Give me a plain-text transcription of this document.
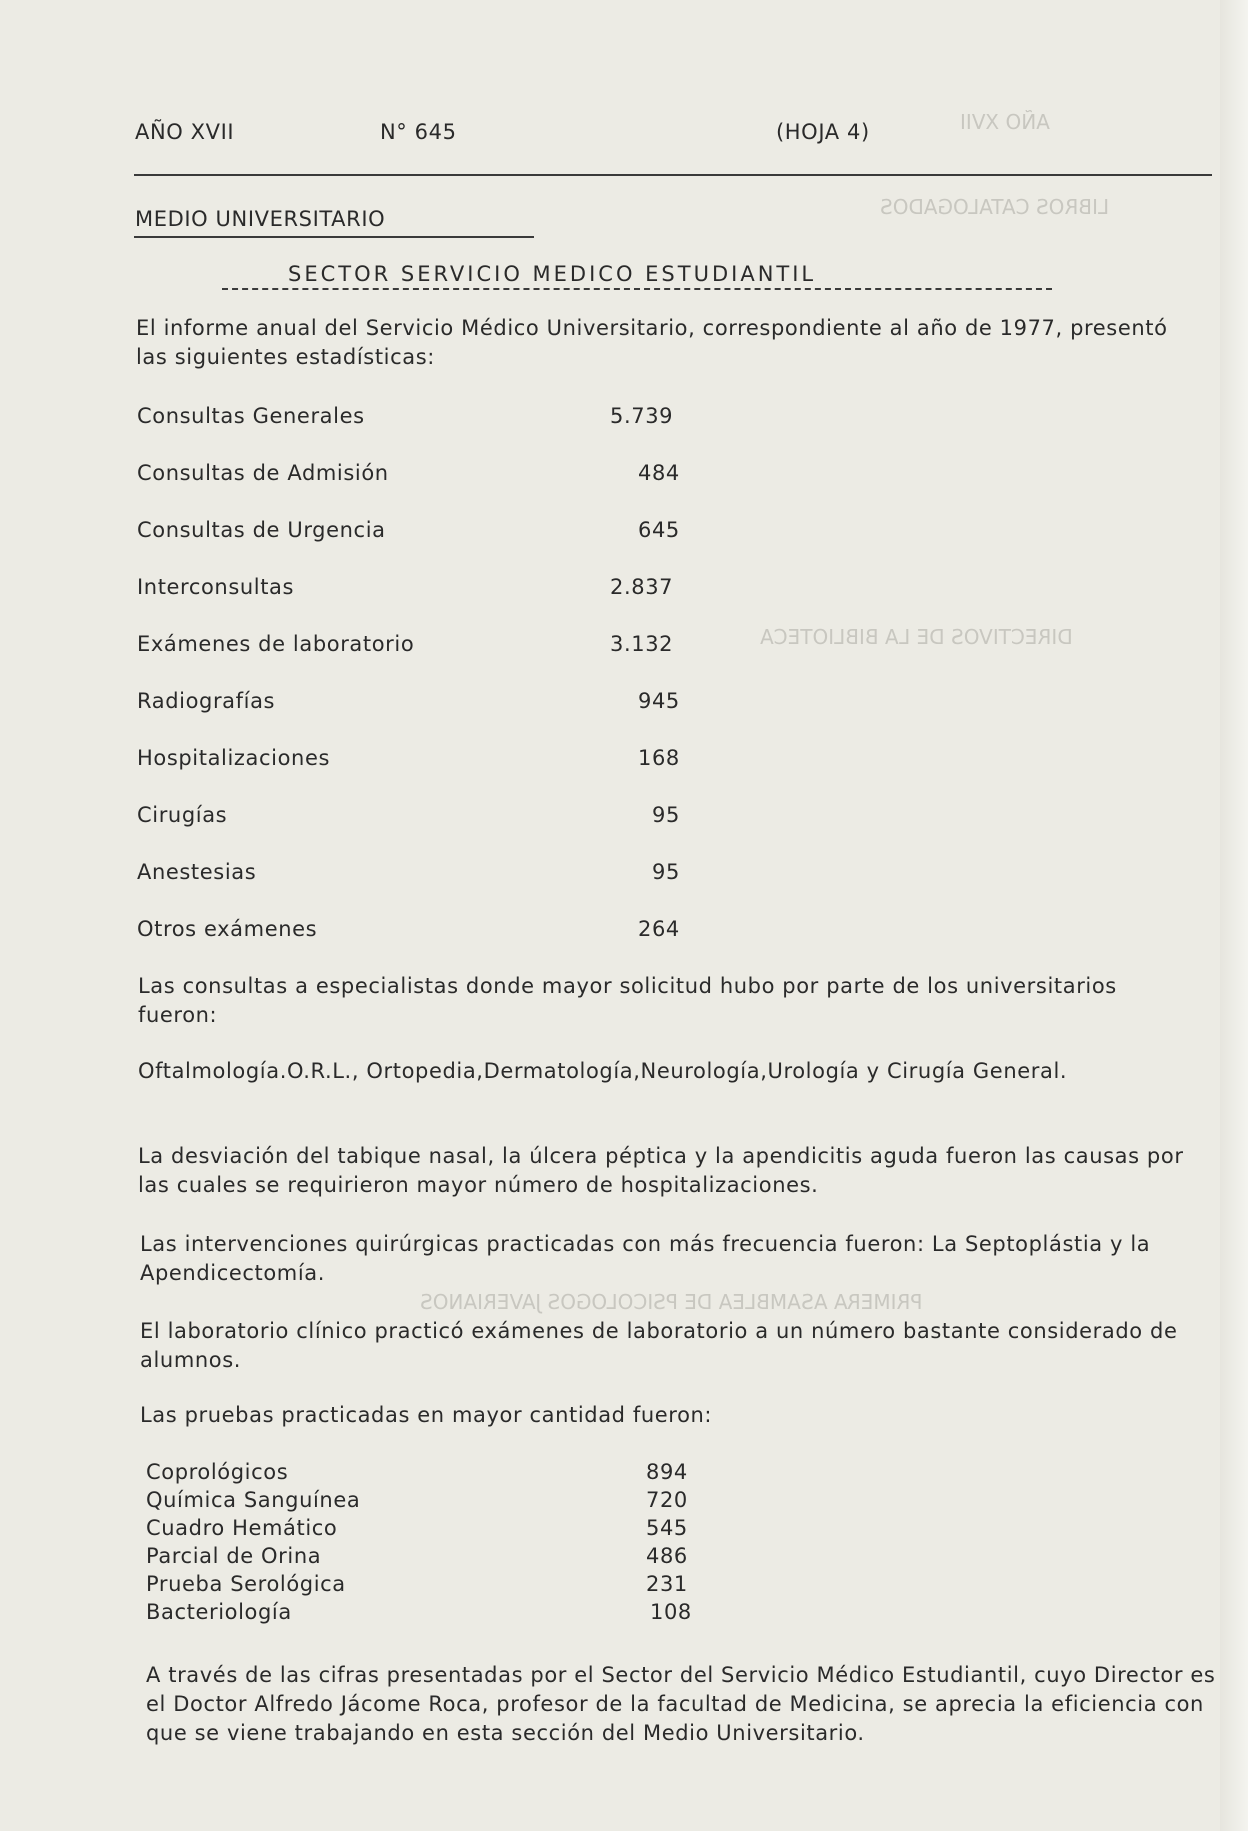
AÑO XVII
LIBROS CATALOGADOS
DIRECTIVOS DE LA BIBLIOTECA
PRIMERA ASAMBLEA DE PSICOLOGOS JAVERIANOS
AÑO XVII	N° 645	(HOJA 4)
MEDIO UNIVERSITARIO
SECTOR SERVICIO MEDICO ESTUDIANTIL
El informe anual del Servicio Médico Universitario, correspondiente al año de 1977, presentó las siguientes estadísticas:
Consultas Generales	5.739
Consultas de Admisión	484
Consultas de Urgencia	645
Interconsultas	2.837
Exámenes de laboratorio	3.132
Radiografías	945
Hospitalizaciones	168
Cirugías	95
Anestesias	95
Otros exámenes	264
Las consultas a especialistas donde mayor solicitud hubo por parte de los universitarios fueron:
Oftalmología.O.R.L., Ortopedia,Dermatología,Neurología,Urología y Cirugía General.
La desviación del tabique nasal, la úlcera péptica y la apendicitis aguda fueron las causas por las cuales se requirieron mayor número de hospitalizaciones.
Las intervenciones quirúrgicas practicadas con más frecuencia fueron: La Septoplástia y la Apendicectomía.
El laboratorio clínico practicó exámenes de laboratorio a un número bastante considerado de alumnos.
Las pruebas practicadas en mayor cantidad fueron:
Coprológicos	894
Química Sanguínea	720
Cuadro Hemático	545
Parcial de Orina	486
Prueba Serológica	231
Bacteriología	108
A través de las cifras presentadas por el Sector del Servicio Médico Estudiantil, cuyo Director es el Doctor Alfredo Jácome Roca, profesor de la facultad de Medicina, se aprecia la eficiencia con que se viene trabajando en esta sección del Medio Universitario.
